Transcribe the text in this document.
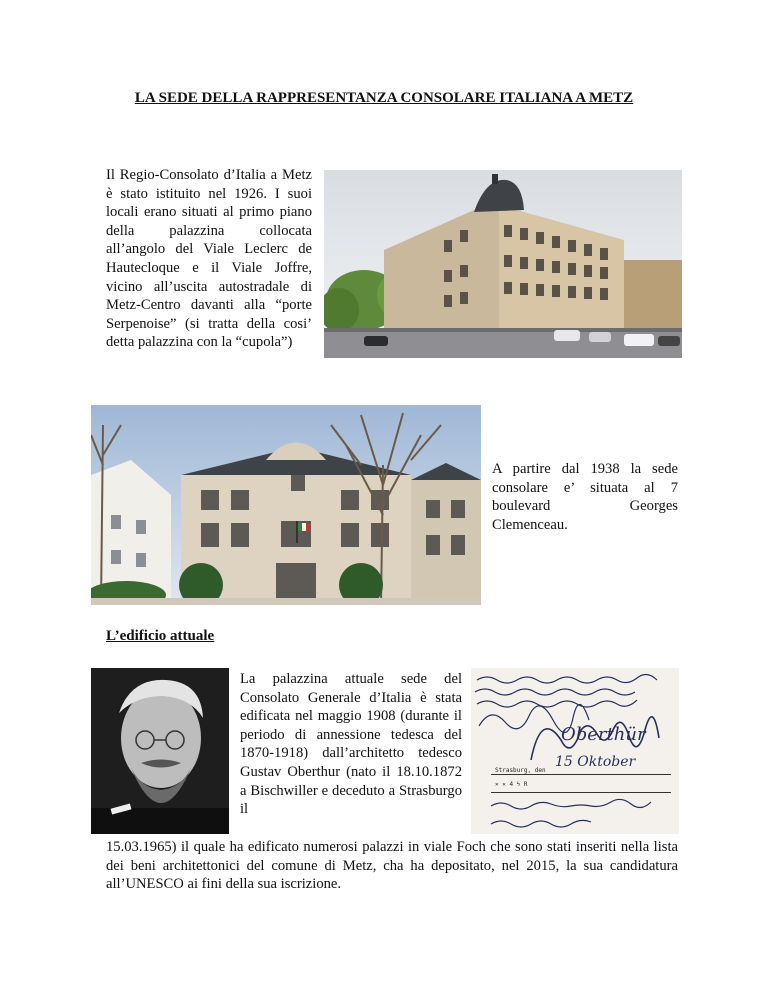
LA SEDE DELLA RAPPRESENTANZA CONSOLARE ITALIANA A METZ
Il Regio-Consolato d’Italia a Metz è stato istituito nel 1926. I suoi locali erano situati al primo piano della palazzina collocata all’angolo del Viale Leclerc de Hautecloque e il Viale Joffre, vicino all’uscita autostradale di Metz-Centro davanti alla “porte Serpenoise” (si tratta della cosi’ detta palazzina con la “cupola”)
A partire dal 1938 la sede consolare e’ situata al 7 boulevard Georges Clemenceau.
L’edificio attuale
Strasburg, den
✕ ✕ 4 ϟ R
15 Oktober
Oberthür
La palazzina attuale sede del Consolato Generale d’Italia è stata edificata nel maggio 1908 (durante il periodo di annessione tedesca del 1870-1918) dall’architetto tedesco Gustav Oberthur (nato il 18.10.1872 a Bischwiller e deceduto a Strasburgo il
15.03.1965) il quale ha edificato numerosi palazzi in viale Foch che sono stati inseriti nella lista dei beni architettonici del comune di Metz, cha ha depositato, nel 2015, la sua candidatura all’UNESCO ai fini della sua iscrizione.
